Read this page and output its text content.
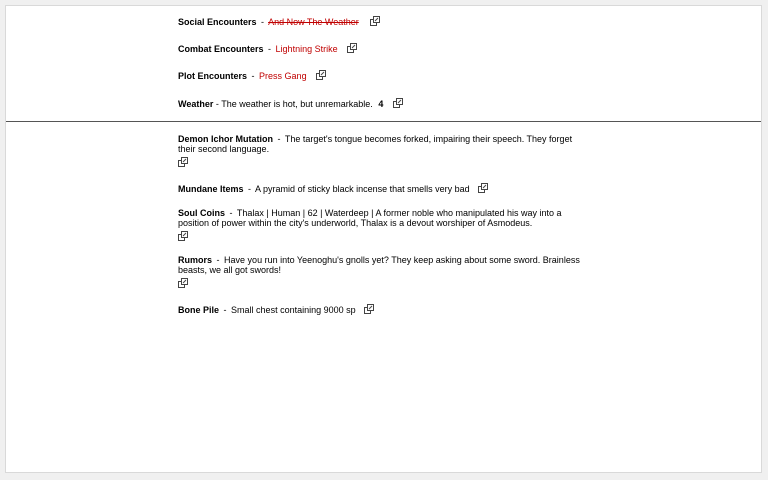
Social Encounters - And Now The Weather
Combat Encounters - Lightning Strike
Plot Encounters - Press Gang
Weather - The weather is hot, but unremarkable. 4
Demon Ichor Mutation - The target's tongue becomes forked, impairing their speech. They forget their second language.
Mundane Items - A pyramid of sticky black incense that smells very bad
Soul Coins - Thalax | Human | 62 | Waterdeep | A former noble who manipulated his way into a position of power within the city's underworld, Thalax is a devout worshiper of Asmodeus.
Rumors - Have you run into Yeenoghu's gnolls yet? They keep asking about some sword. Brainless beasts, we all got swords!
Bone Pile - Small chest containing 9000 sp
